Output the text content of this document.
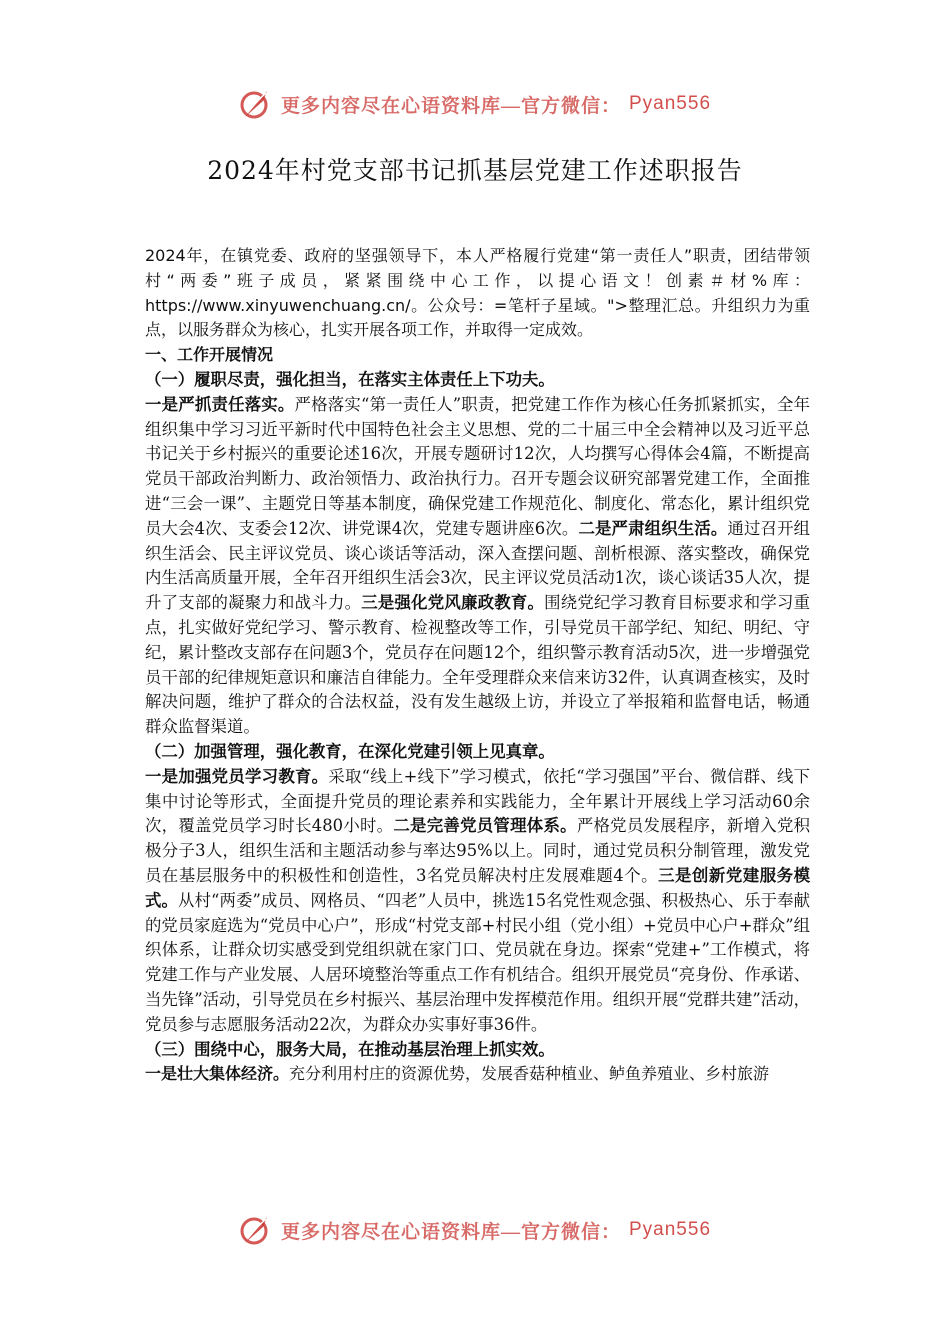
更多内容尽在心语资料库—官方微信： Pyan556
2024年村党支部书记抓基层党建工作述职报告

2024年，在镇党委、政府的坚强领导下，本人严格履行党建“第一责任人”职责，团结带领村“两委”班子成员，紧紧围绕中心工作，以提心语文！创素＃材%库：https://www.xinyuwenchuang.cn/。公众号：=笔杆子星域。">整理汇总。升组织力为重点，以服务群众为核心，扎实开展各项工作，并取得一定成效。

一、工作开展情况

（一）履职尽责，强化担当，在落实主体责任上下功夫。

一是严抓责任落实。严格落实“第一责任人”职责，把党建工作作为核心任务抓紧抓实，全年组织集中学习习近平新时代中国特色社会主义思想、党的二十届三中全会精神以及习近平总书记关于乡村振兴的重要论述16次，开展专题研讨12次，人均撰写心得体会4篇，不断提高党员干部政治判断力、政治领悟力、政治执行力。召开专题会议研究部署党建工作，全面推进“三会一课”、主题党日等基本制度，确保党建工作规范化、制度化、常态化，累计组织党员大会4次、支委会12次、讲党课4次，党建专题讲座6次。二是严肃组织生活。通过召开组织生活会、民主评议党员、谈心谈话等活动，深入查摆问题、剖析根源、落实整改，确保党内生活高质量开展，全年召开组织生活会3次，民主评议党员活动1次，谈心谈话35人次，提升了支部的凝聚力和战斗力。三是强化党风廉政教育。围绕党纪学习教育目标要求和学习重点，扎实做好党纪学习、警示教育、检视整改等工作，引导党员干部学纪、知纪、明纪、守纪，累计整改支部存在问题3个，党员存在问题12个，组织警示教育活动5次，进一步增强党员干部的纪律规矩意识和廉洁自律能力。全年受理群众来信来访32件，认真调查核实，及时解决问题，维护了群众的合法权益，没有发生越级上访，并设立了举报箱和监督电话，畅通群众监督渠道。

（二）加强管理，强化教育，在深化党建引领上见真章。

一是加强党员学习教育。采取“线上+线下”学习模式，依托“学习强国”平台、微信群、线下集中讨论等形式，全面提升党员的理论素养和实践能力，全年累计开展线上学习活动60余次，覆盖党员学习时长480小时。二是完善党员管理体系。严格党员发展程序，新增入党积极分子3人，组织生活和主题活动参与率达95%以上。同时，通过党员积分制管理，激发党员在基层服务中的积极性和创造性，3名党员解决村庄发展难题4个。三是创新党建服务模式。从村“两委”成员、网格员、“四老”人员中，挑选15名党性观念强、积极热心、乐于奉献的党员家庭选为“党员中心户”，形成“村党支部+村民小组（党小组）+党员中心户+群众”组织体系，让群众切实感受到党组织就在家门口、党员就在身边。探索“党建+”工作模式，将党建工作与产业发展、人居环境整治等重点工作有机结合。组织开展党员“亮身份、作承诺、当先锋”活动，引导党员在乡村振兴、基层治理中发挥模范作用。组织开展“党群共建”活动，党员参与志愿服务活动22次，为群众办实事好事36件。

（三）围绕中心，服务大局，在推动基层治理上抓实效。

一是壮大集体经济。充分利用村庄的资源优势，发展香菇种植业、鲈鱼养殖业、乡村旅游

更多内容尽在心语资料库—官方微信： Pyan556
